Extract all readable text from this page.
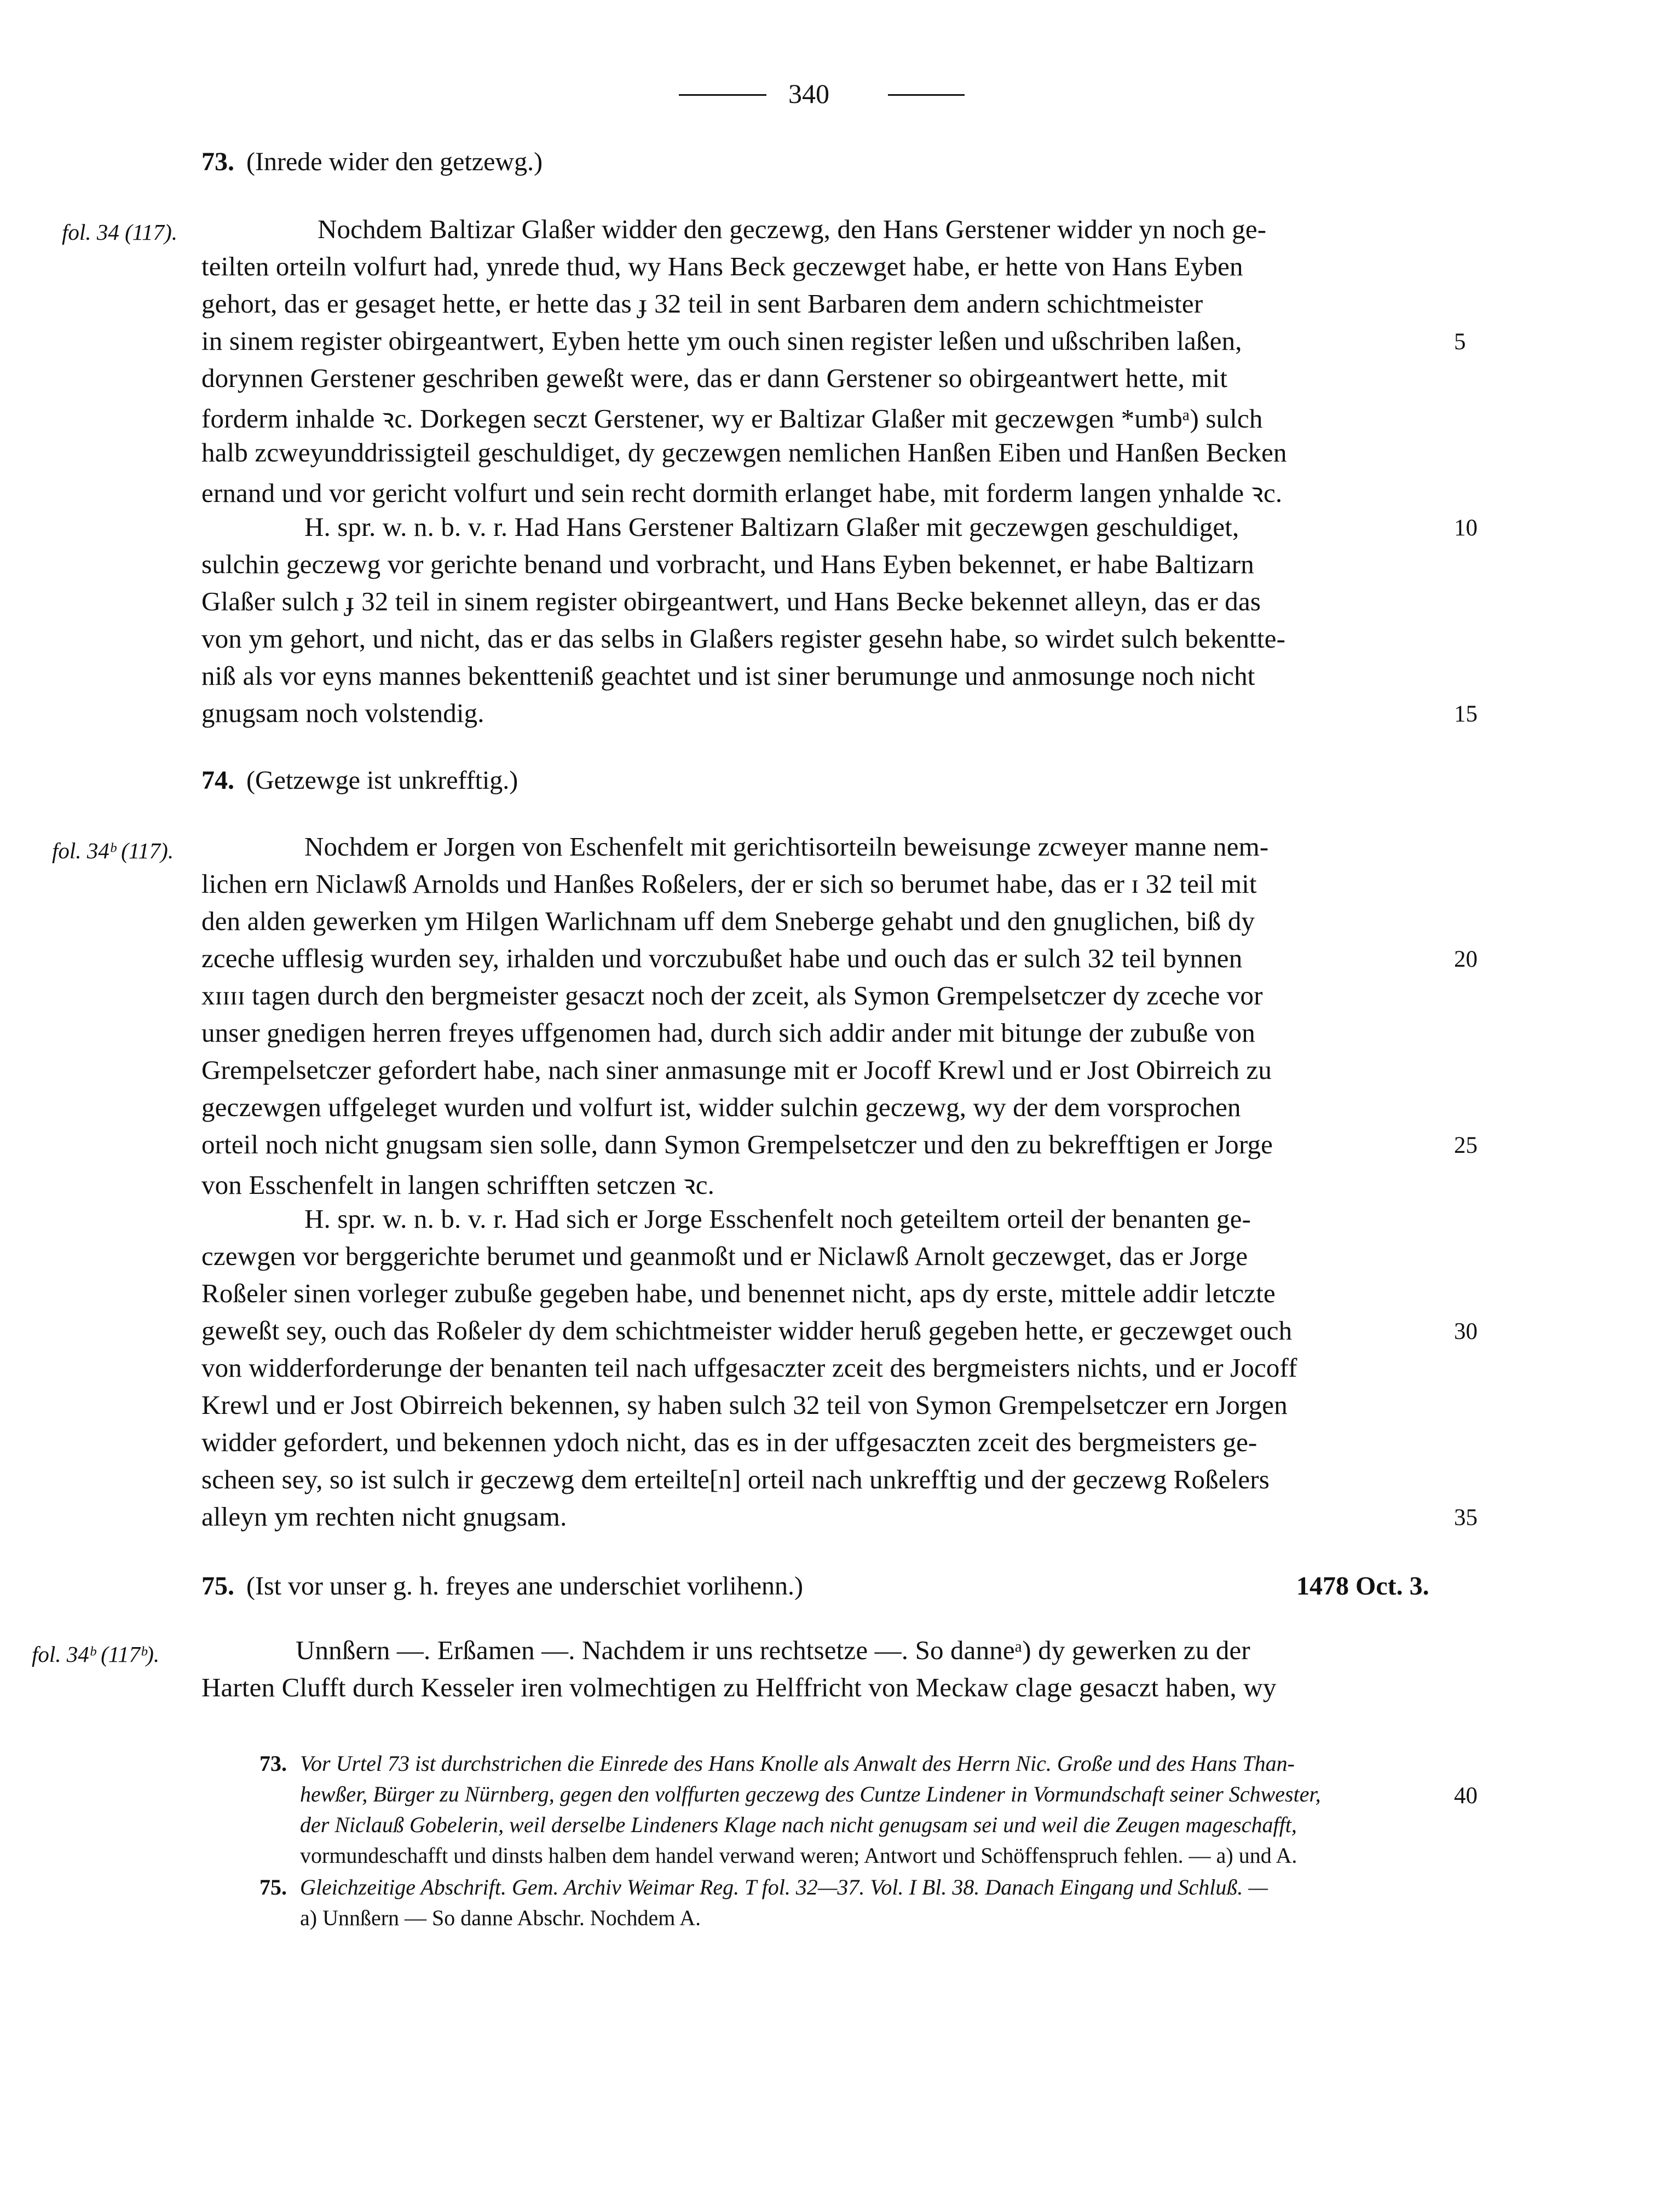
340
73. (Inrede wider den getzewg.)
fol. 34 (117).	Nochdem Baltizar Glaßer widder den geczewg, den Hans Gerstener widder yn noch ge-
teilten orteiln volfurt had, ynrede thud, wy Hans Beck geczewget habe, er hette von Hans Eyben
gehort, das er gesaget hette, er hette das ɟ 32 teil in sent Barbaren dem andern schichtmeister
in sinem register obirgeantwert, Eyben hette ym ouch sinen register leßen und ußschriben laßen,
dorynnen Gerstener geschriben geweßt were, das er dann Gerstener so obirgeantwert hette, mit
forderm inhalde ꝛc. Dorkegen seczt Gerstener, wy er Baltizar Glaßer mit geczewgen *umbᵃ) sulch
halb zcweyunddrissigteil geschuldiget, dy geczewgen nemlichen Hanßen Eiben und Hanßen Becken
ernand und vor gericht volfurt und sein recht dormith erlanget habe, mit forderm langen ynhalde ꝛc.
H. spr. w. n. b. v. r. Had Hans Gerstener Baltizarn Glaßer mit geczewgen geschuldiget,
sulchin geczewg vor gerichte benand und vorbracht, und Hans Eyben bekennet, er habe Baltizarn
Glaßer sulch ɟ 32 teil in sinem register obirgeantwert, und Hans Becke bekennet alleyn, das er das
von ym gehort, und nicht, das er das selbs in Glaßers register gesehn habe, so wirdet sulch bekentte-
niß als vor eyns mannes bekentteniß geachtet und ist siner berumunge und anmosunge noch nicht
gnugsam noch volstendig.
5
10
15
74. (Getzewge ist unkrefftig.)
fol. 34ᵇ (117).	Nochdem er Jorgen von Eschenfelt mit gerichtisorteiln beweisunge zcweyer manne nem-
lichen ern Niclawß Arnolds und Hanßes Roßelers, der er sich so berumet habe, das er ɪ 32 teil mit
den alden gewerken ym Hilgen Warlichnam uff dem Sneberge gehabt und den gnuglichen, biß dy
zceche ufflesig wurden sey, irhalden und vorczubußet habe und ouch das er sulch 32 teil bynnen
xɪɪɪɪ tagen durch den bergmeister gesaczt noch der zceit, als Symon Grempelsetczer dy zceche vor
unser gnedigen herren freyes uffgenomen had, durch sich addir ander mit bitunge der zubuße von
Grempelsetczer gefordert habe, nach siner anmasunge mit er Jocoff Krewl und er Jost Obirreich zu
geczewgen uffgeleget wurden und volfurt ist, widder sulchin geczewg, wy der dem vorsprochen
orteil noch nicht gnugsam sien solle, dann Symon Grempelsetczer und den zu bekrefftigen er Jorge
von Esschenfelt in langen schrifften setczen ꝛc.
H. spr. w. n. b. v. r. Had sich er Jorge Esschenfelt noch geteiltem orteil der benanten ge-
czewgen vor berggerichte berumet und geanmoßt und er Niclawß Arnolt geczewget, das er Jorge
Roßeler sinen vorleger zubuße gegeben habe, und benennet nicht, aps dy erste, mittele addir letczte
geweßt sey, ouch das Roßeler dy dem schichtmeister widder heruß gegeben hette, er geczewget ouch
von widderforderunge der benanten teil nach uffgesaczter zceit des bergmeisters nichts, und er Jocoff
Krewl und er Jost Obirreich bekennen, sy haben sulch 32 teil von Symon Grempelsetczer ern Jorgen
widder gefordert, und bekennen ydoch nicht, das es in der uffgesaczten zceit des bergmeisters ge-
scheen sey, so ist sulch ir geczewg dem erteilte[n] orteil nach unkrefftig und der geczewg Roßelers
alleyn ym rechten nicht gnugsam.
20
25
30
35
75. (Ist vor unser g. h. freyes ane underschiet vorlihenn.)	1478 Oct. 3.
fol. 34ᵇ (117ᵇ).	Unnßern —. Erßamen —. Nachdem ir uns rechtsetze —. So danneᵃ) dy gewerken zu der
Harten Clufft durch Kesseler iren volmechtigen zu Helffricht von Meckaw clage gesaczt haben, wy
73. Vor Urtel 73 ist durchstrichen die Einrede des Hans Knolle als Anwalt des Herrn Nic. Große und des Hans Than-
hewßer, Bürger zu Nürnberg, gegen den volffurten geczewg des Cuntze Lindener in Vormundschaft seiner Schwester,
der Niclauß Gobelerin, weil derselbe Lindeners Klage nach nicht genugsam sei und weil die Zeugen mageschafft,
vormundeschafft und dinsts halben dem handel verwand weren; Antwort und Schöffenspruch fehlen. — a) und A.
40
75. Gleichzeitige Abschrift. Gem. Archiv Weimar Reg. T fol. 32—37. Vol. I Bl. 38. Danach Eingang und Schluß. —
a) Unnßern — So danne Abschr. Nochdem A.
